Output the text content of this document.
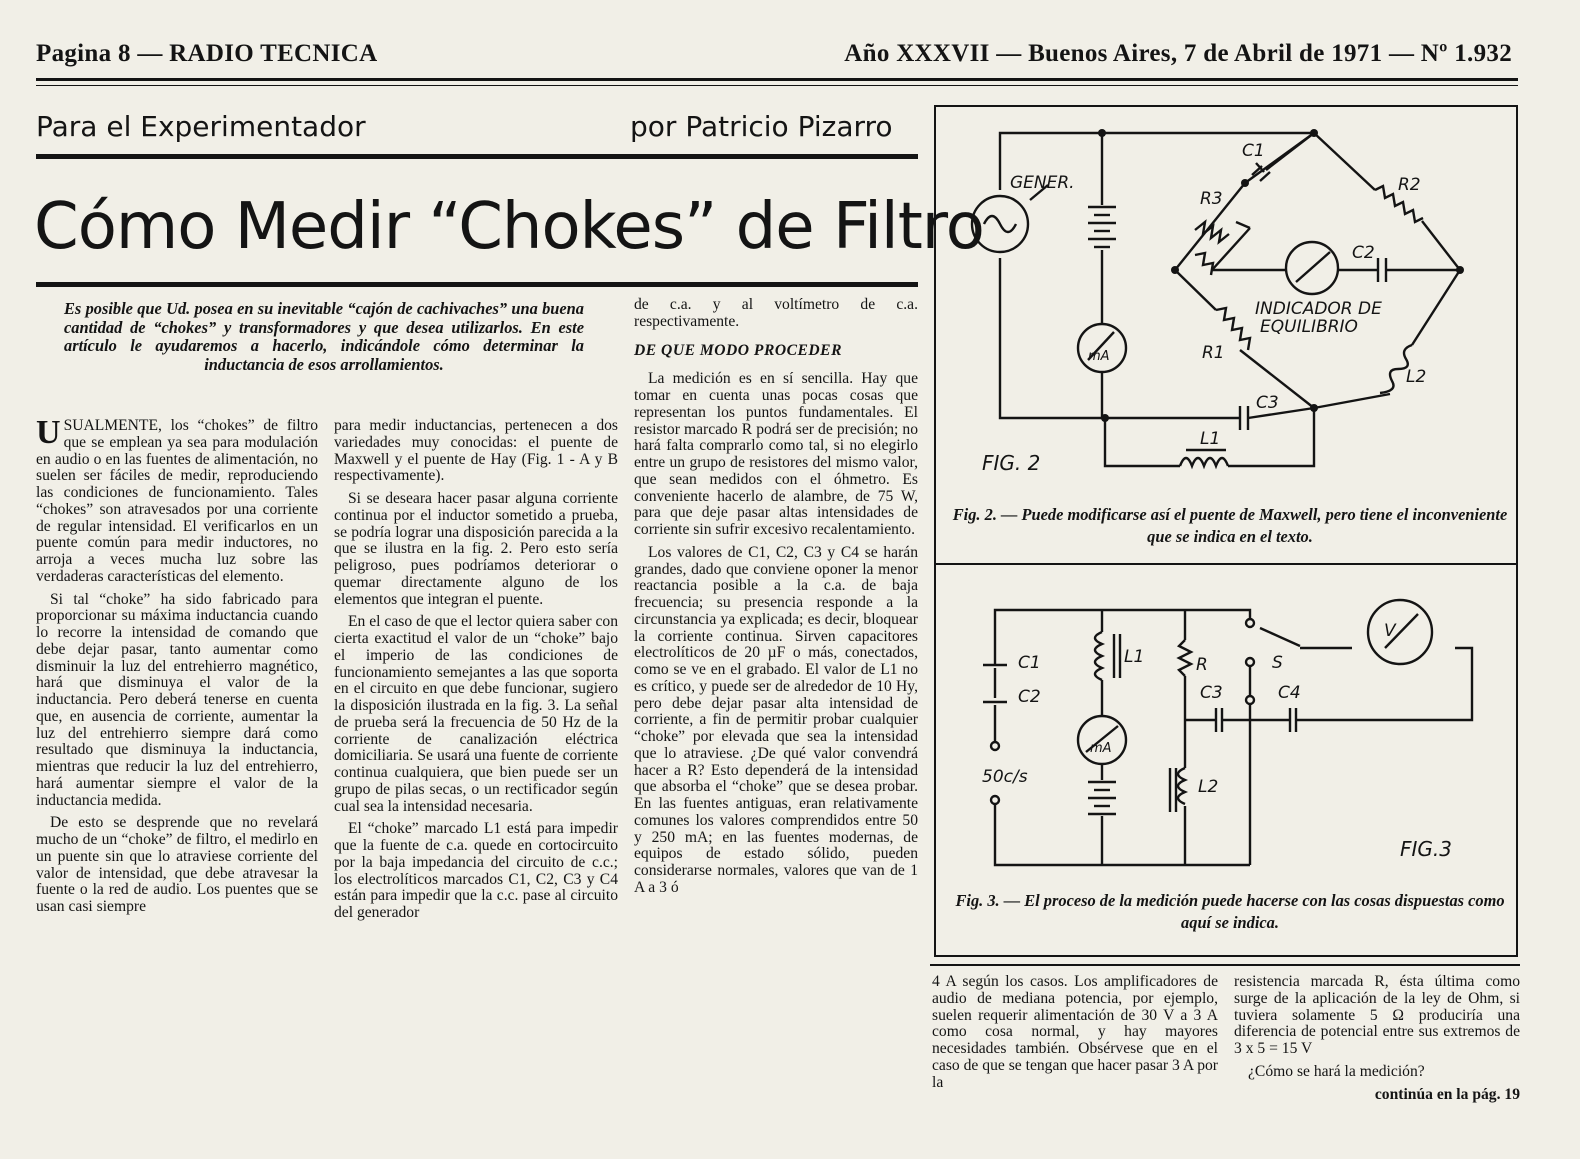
Pagina 8 — RADIO TECNICA	Año XXXVII — Buenos Aires, 7 de Abril de 1971 — Nº 1.932
Para el Experimentador	por Patricio Pizarro
Cómo Medir “Chokes” de Filtro
Es posible que Ud. posea en su inevitable “cajón de cachivaches” una buena cantidad de “chokes” y transformadores y que desea utilizarlos. En este artículo le ayudaremos a hacerlo, indicándole cómo determinar la inductancia de esos arrollamientos.

USUALMENTE, los “chokes” de filtro que se emplean ya sea para modulación en audio o en las fuentes de alimentación, no suelen ser fáciles de medir, reproduciendo las condiciones de funcionamiento. Tales “chokes” son atravesados por una corriente de regular intensidad. El verificarlos en un puente común para medir inductores, no arroja a veces mucha luz sobre las verdaderas características del elemento.

Si tal “choke” ha sido fabricado para proporcionar su máxima inductancia cuando lo recorre la intensidad de comando que debe dejar pasar, tanto aumentar como disminuir la luz del entrehierro magnético, hará que disminuya el valor de la inductancia. Pero deberá tenerse en cuenta que, en ausencia de corriente, aumentar la luz del entrehierro siempre dará como resultado que disminuya la inductancia, mientras que reducir la luz del entrehierro, hará aumentar siempre el valor de la inductancia medida.

De esto se desprende que no revelará mucho de un “choke” de filtro, el medirlo en un puente sin que lo atraviese corriente del valor de intensidad, que debe atravesar la fuente o la red de audio. Los puentes que se usan casi siempre

para medir inductancias, pertenecen a dos variedades muy conocidas: el puente de Maxwell y el puente de Hay (Fig. 1 - A y B respectivamente).

Si se deseara hacer pasar alguna corriente continua por el inductor sometido a prueba, se podría lograr una disposición parecida a la que se ilustra en la fig. 2. Pero esto sería peligroso, pues podríamos deteriorar o quemar directamente alguno de los elementos que integran el puente.

En el caso de que el lector quiera saber con cierta exactitud el valor de un “choke” bajo el imperio de las condiciones de funcionamiento semejantes a las que soporta en el circuito en que debe funcionar, sugiero la disposición ilustrada en la fig. 3. La señal de prueba será la frecuencia de 50 Hz de la corriente de canalización eléctrica domiciliaria. Se usará una fuente de corriente continua cualquiera, que bien puede ser un grupo de pilas secas, o un rectificador según cual sea la intensidad necesaria.

El “choke” marcado L1 está para impedir que la fuente de c.a. quede en cortocircuito por la baja impedancia del circuito de c.c.; los electrolíticos marcados C1, C2, C3 y C4 están para impedir que la c.c. pase al circuito del generador

de c.a. y al voltímetro de c.a. respectivamente.

DE QUE MODO PROCEDER

La medición es en sí sencilla. Hay que tomar en cuenta unas pocas cosas que representan los puntos fundamentales. El resistor marcado R podrá ser de precisión; no hará falta comprarlo como tal, si no elegirlo entre un grupo de resistores del mismo valor, que sean medidos con el óhmetro. Es conveniente hacerlo de alambre, de 75 W, para que deje pasar altas intensidades de corriente sin sufrir excesivo recalentamiento.

Los valores de C1, C2, C3 y C4 se harán grandes, dado que conviene oponer la menor reactancia posible a la c.a. de baja frecuencia; su presencia responde a la circunstancia ya explicada; es decir, bloquear la corriente continua. Sirven capacitores electrolíticos de 20 µF o más, conectados, como se ve en el grabado. El valor de L1 no es crítico, y puede ser de alrededor de 10 Hy, pero debe dejar pasar alta intensidad de corriente, a fin de permitir probar cualquier “choke” por elevada que sea la intensidad que lo atraviese. ¿De qué valor convendrá hacer a R? Esto dependerá de la intensidad que absorba el “choke” que se desea probar. En las fuentes antiguas, eran relativamente comunes los valores comprendidos entre 50 y 250 mA; en las fuentes modernas, de equipos de estado sólido, pueden considerarse normales, valores que van de 1 A a 3 ó

4 A según los casos. Los amplificadores de audio de mediana potencia, por ejemplo, suelen requerir alimentación de 30 V a 3 A como cosa normal, y hay mayores necesidades también. Obsérvese que en el caso de que se tengan que hacer pasar 3 A por la

resistencia marcada R, ésta última como surge de la aplicación de la ley de Ohm, si tuviera solamente 5 Ω produciría una diferencia de potencial entre sus extremos de 3 x 5 = 15 V

¿Cómo se hará la medición?

continúa en la pág. 19

GENER.
mA
C1
R2
R3
C2
INDICADOR DE
EQUILIBRIO
R1
L2
C3
L1
FIG. 2
Fig. 2. — Puede modificarse así el puente de Maxwell, pero tiene el inconveniente que se indica en el texto.
C1
C2
50c/s
L1
mA
R	S
C3	C4
L2
V
FIG.3
Fig. 3. — El proceso de la medición puede hacerse con las cosas dispuestas como aquí se indica.
